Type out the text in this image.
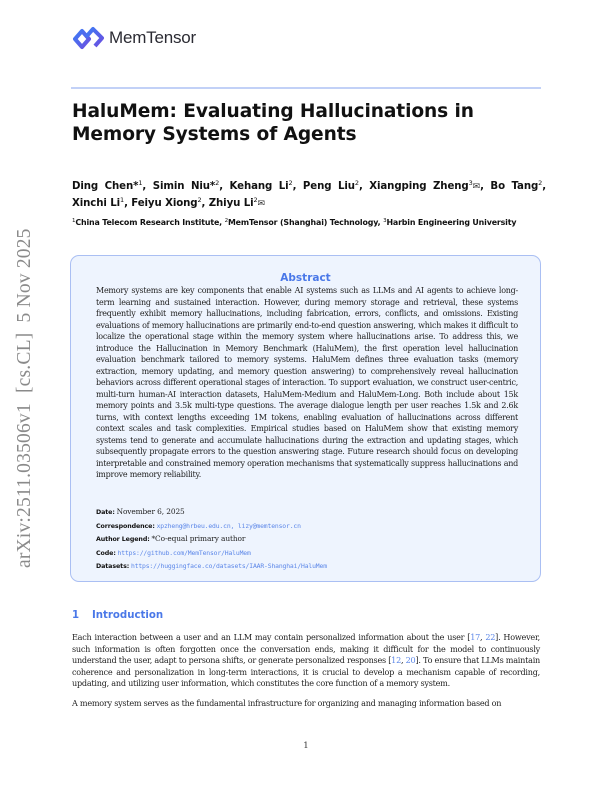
MemTensor
HaluMem: Evaluating Hallucinations in Memory Systems of Agents
Ding Chen*$^1$, Simin Niu*$^2$, Kehang Li$^2$, Peng Liu$^2$, Xiangping Zheng$^3$✉, Bo Tang$^2$, Xinchi Li$^1$, Feiyu Xiong$^2$, Zhiyu Li$^2$✉
$^1$China Telecom Research Institute, $^2$MemTensor (Shanghai) Technology, $^3$Harbin Engineering University
arXiv:2511.03506v1  [cs.CL]  5 Nov 2025	Abstract
Memory systems are key components that enable AI systems such as LLMs and AI agents to achieve long-term learning and sustained interaction. However, during memory storage and retrieval, these systems frequently exhibit memory hallucinations, including fabrication, errors, conflicts, and omissions. Existing evaluations of memory hallucinations are primarily end-to-end question answering, which makes it difficult to localize the operational stage within the memory system where hallucinations arise. To address this, we introduce the Hallucination in Memory Benchmark (HaluMem), the first operation level hallucination evaluation benchmark tailored to memory systems. HaluMem defines three evaluation tasks (memory extraction, memory updating, and memory question answering) to comprehensively reveal hallucination behaviors across different operational stages of interaction. To support evaluation, we construct user-centric, multi-turn human-AI interaction datasets, HaluMem-Medium and HaluMem-Long. Both include about 15k memory points and 3.5k multi-type questions. The average dialogue length per user reaches 1.5k and 2.6k turns, with context lengths exceeding 1M tokens, enabling evaluation of hallucinations across different context scales and task complexities. Empirical studies based on HaluMem show that existing memory systems tend to generate and accumulate hallucinations during the extraction and updating stages, which subsequently propagate errors to the question answering stage. Future research should focus on developing interpretable and constrained memory operation mechanisms that systematically suppress hallucinations and improve memory reliability.
Date: November 6, 2025
Correspondence: xpzheng@hrbeu.edu.cn, lizy@memtensor.cn
Author Legend: *Co-equal primary author
Code: https://github.com/MemTensor/HaluMem
Datasets: https://huggingface.co/datasets/IAAR-Shanghai/HaluMem
1 Introduction

Each interaction between a user and an LLM may contain personalized information about the user [17, 22]. However, such information is often forgotten once the conversation ends, making it difficult for the model to continuously understand the user, adapt to persona shifts, or generate personalized responses [12, 20]. To ensure that LLMs maintain coherence and personalization in long-term interactions, it is crucial to develop a mechanism capable of recording, updating, and utilizing user information, which constitutes the core function of a memory system.

A memory system serves as the fundamental infrastructure for organizing and managing information based on

1
